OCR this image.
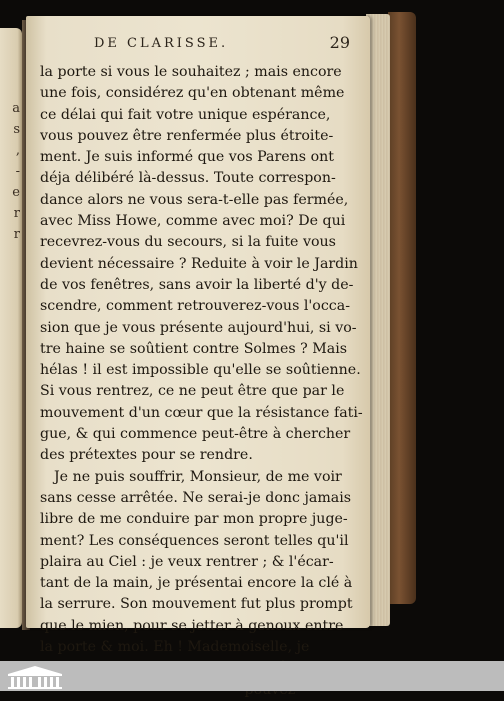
a
s
,
-
e
r
r
DE CLARISSE.	29
la porte si vous le souhaitez ; mais encore
une fois, considérez qu'en obtenant même
ce délai qui fait votre unique espérance,
vous pouvez être renfermée plus étroite-
ment. Je suis informé que vos Parens ont
déja délibéré là-dessus. Toute correspon-
dance alors ne vous sera-t-elle pas fermée,
avec Miss Howe, comme avec moi? De qui
recevrez-vous du secours, si la fuite vous
devient nécessaire ? Reduite à voir le Jardin
de vos fenêtres, sans avoir la liberté d'y de-
scendre, comment retrouverez-vous l'occa-
sion que je vous présente aujourd'hui, si vo-
tre haine se soûtient contre Solmes ? Mais
hélas ! il est impossible qu'elle se soûtienne.
Si vous rentrez, ce ne peut être que par le
mouvement d'un cœur que la résistance fati-
gue, & qui commence peut-être à chercher
des prétextes pour se rendre.
Je ne puis souffrir, Monsieur, de me voir
sans cesse arrêtée. Ne serai-je donc jamais
libre de me conduire par mon propre juge-
ment? Les conséquences seront telles qu'il
plaira au Ciel : je veux rentrer ; & l'écar-
tant de la main, je présentai encore la clé à
la serrure. Son mouvement fut plus prompt
que le mien, pour se jetter à genoux entre
la porte & moi. Eh ! Mademoiselle, je
